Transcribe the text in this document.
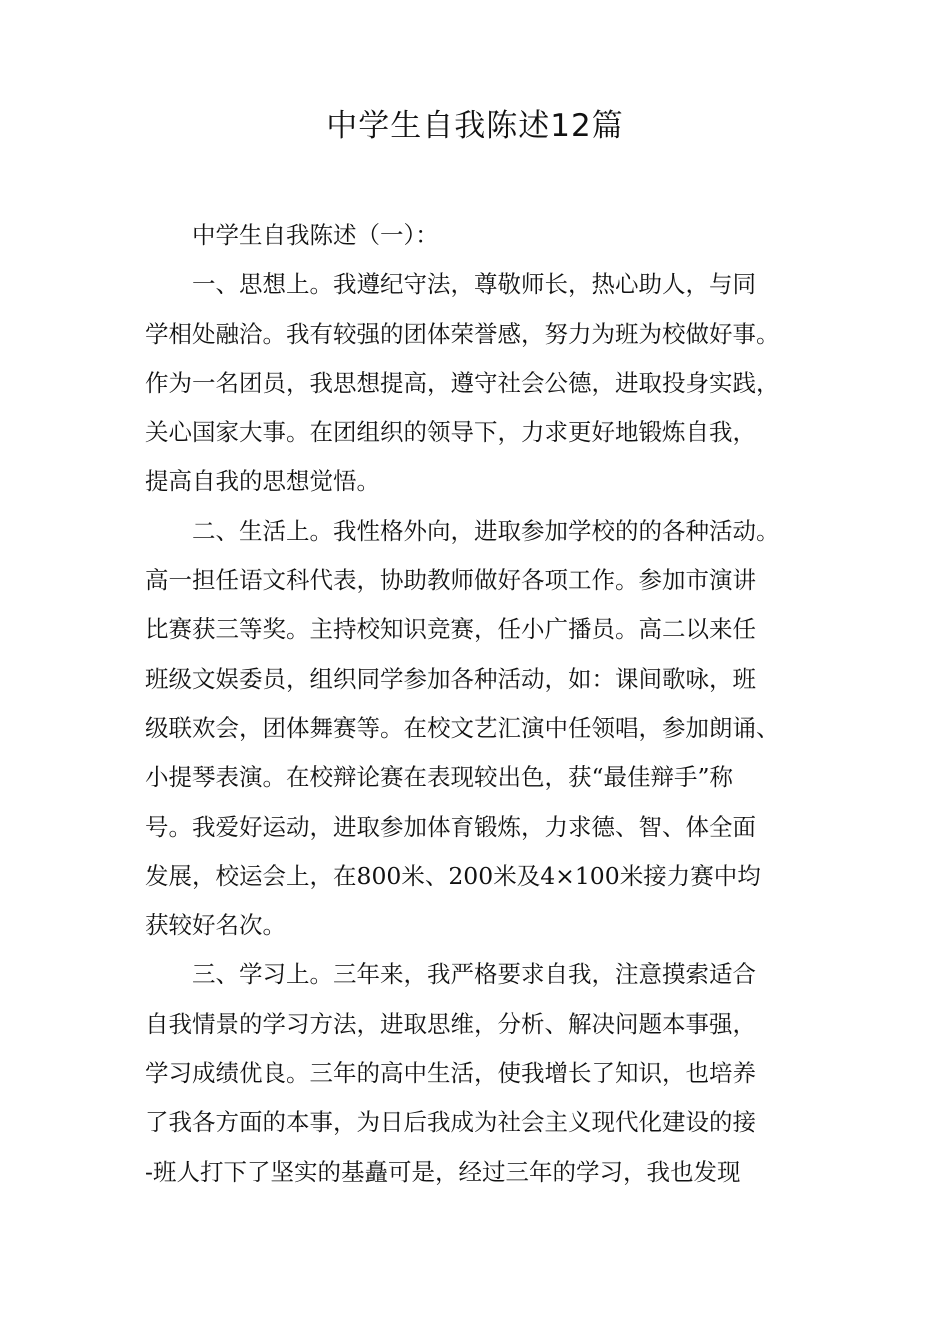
中学生自我陈述12篇

中学生自我陈述（一）：

一、思想上。我遵纪守法，尊敬师长，热心助人，与同

学相处融洽。我有较强的团体荣誉感，努力为班为校做好事。

作为一名团员，我思想提高，遵守社会公德，进取投身实践，

关心国家大事。在团组织的领导下，力求更好地锻炼自我，

提高自我的思想觉悟。

二、生活上。我性格外向，进取参加学校的的各种活动。

高一担任语文科代表，协助教师做好各项工作。参加市演讲

比赛获三等奖。主持校知识竞赛，任小广播员。高二以来任

班级文娱委员，组织同学参加各种活动，如：课间歌咏，班

级联欢会，团体舞赛等。在校文艺汇演中任领唱，参加朗诵、

小提琴表演。在校辩论赛在表现较出色，获“最佳辩手”称

号。我爱好运动，进取参加体育锻炼，力求德、智、体全面

发展，校运会上，在800米、200米及4×100米接力赛中均

获较好名次。

三、学习上。三年来，我严格要求自我，注意摸索适合

自我情景的学习方法，进取思维，分析、解决问题本事强，

学习成绩优良。三年的高中生活，使我增长了知识，也培养

了我各方面的本事，为日后我成为社会主义现代化建设的接

-班人打下了坚实的基矗可是，经过三年的学习，我也发现
